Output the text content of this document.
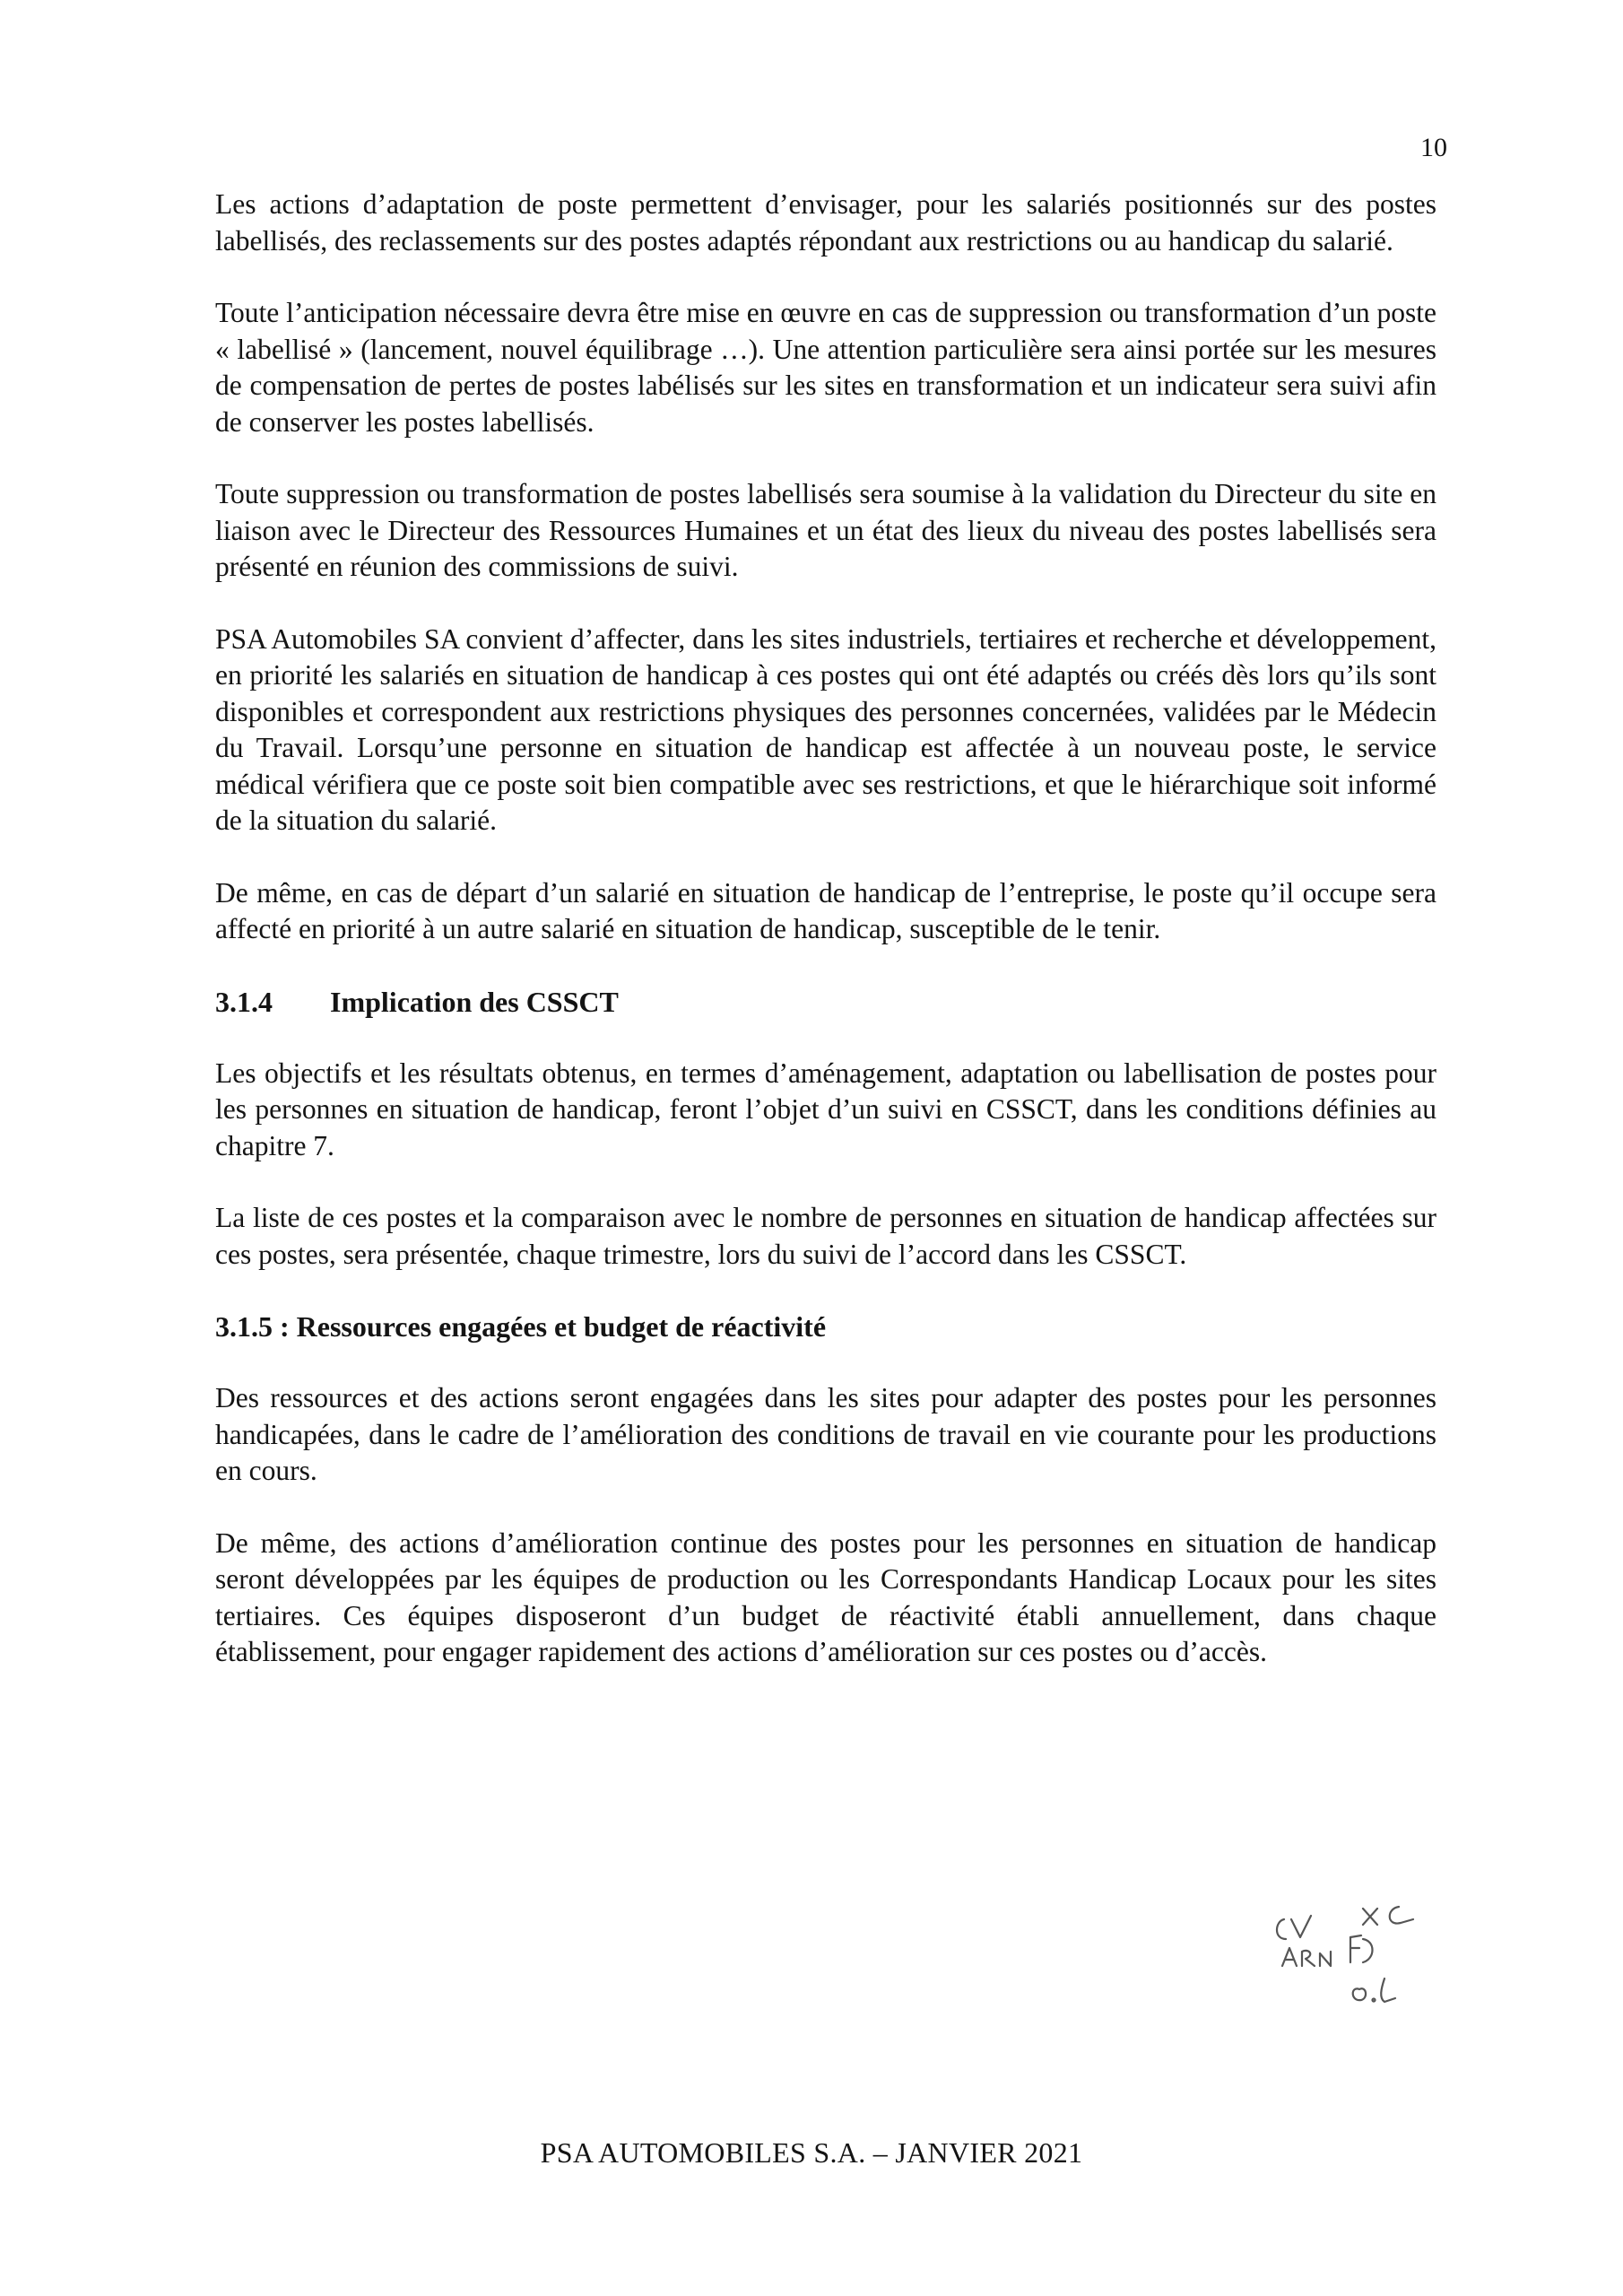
10

Les actions d’adaptation de poste permettent d’envisager, pour les salariés positionnés sur des postes labellisés, des reclassements sur des postes adaptés répondant aux restrictions ou au handicap du salarié.

Toute l’anticipation nécessaire devra être mise en œuvre en cas de suppression ou transformation d’un poste « labellisé » (lancement, nouvel équilibrage …). Une attention particulière sera ainsi portée sur les mesures de compensation de pertes de postes labélisés sur les sites en transformation et un indicateur sera suivi afin de conserver les postes labellisés.

Toute suppression ou transformation de postes labellisés sera soumise à la validation du Directeur du site en liaison avec le Directeur des Ressources Humaines et un état des lieux du niveau des postes labellisés sera présenté en réunion des commissions de suivi.

PSA Automobiles SA convient d’affecter, dans les sites industriels, tertiaires et recherche et développement, en priorité les salariés en situation de handicap à ces postes qui ont été adaptés ou créés dès lors qu’ils sont disponibles et correspondent aux restrictions physiques des personnes concernées, validées par le Médecin du Travail. Lorsqu’une personne en situation de handicap est affectée à un nouveau poste, le service médical vérifiera que ce poste soit bien compatible avec ses restrictions, et que le hiérarchique soit informé de la situation du salarié.

De même, en cas de départ d’un salarié en situation de handicap de l’entreprise, le poste qu’il occupe sera affecté en priorité à un autre salarié en situation de handicap, susceptible de le tenir.

3.1.4 Implication des CSSCT

Les objectifs et les résultats obtenus, en termes d’aménagement, adaptation ou labellisation de postes pour les personnes en situation de handicap, feront l’objet d’un suivi en CSSCT, dans les conditions définies au chapitre 7.

La liste de ces postes et la comparaison avec le nombre de personnes en situation de handicap affectées sur ces postes, sera présentée, chaque trimestre, lors du suivi de l’accord dans les CSSCT.

3.1.5 : Ressources engagées et budget de réactivité

Des ressources et des actions seront engagées dans les sites pour adapter des postes pour les personnes handicapées, dans le cadre de l’amélioration des conditions de travail en vie courante pour les productions en cours.

De même, des actions d’amélioration continue des postes pour les personnes en situation de handicap seront développées par les équipes de production ou les Correspondants Handicap Locaux pour les sites tertiaires. Ces équipes disposeront d’un budget de réactivité établi annuellement, dans chaque établissement, pour engager rapidement des actions d’amélioration sur ces postes ou d’accès.

PSA AUTOMOBILES S.A. – JANVIER 2021
